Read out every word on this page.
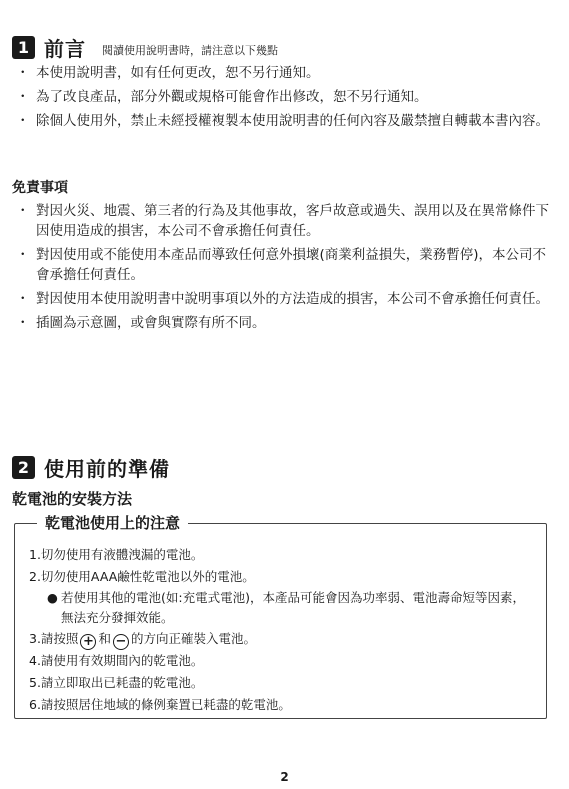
1 前言 閱讀使用說明書時，請注意以下幾點
・ 本使用說明書，如有任何更改，恕不另行通知。
・ 為了改良產品，部分外觀或規格可能會作出修改，恕不另行通知。
・ 除個人使用外，禁止未經授權複製本使用說明書的任何內容及嚴禁擅自轉載本書內容。
免責事項
・ 對因火災、地震、第三者的行為及其他事故，客戶故意或過失、誤用以及在異常條件下因使用造成的損害，本公司不會承擔任何責任。
・ 對因使用或不能使用本產品而導致任何意外損壞(商業利益損失，業務暫停)，本公司不會承擔任何責任。
・ 對因使用本使用說明書中說明事項以外的方法造成的損害，本公司不會承擔任何責任。
・ 插圖為示意圖，或會與實際有所不同。
2 使用前的準備
乾電池的安裝方法
乾電池使用上的注意
1.切勿使用有液體洩漏的電池。
2.切勿使用AAA鹼性乾電池以外的電池。
● 若使用其他的電池(如:充電式電池)，本產品可能會因為功率弱、電池壽命短等因素，無法充分發揮效能。
3.請按照 + 和 − 的方向正確裝入電池。
4.請使用有效期間內的乾電池。
5.請立即取出已耗盡的乾電池。
6.請按照居住地域的條例棄置已耗盡的乾電池。
2
